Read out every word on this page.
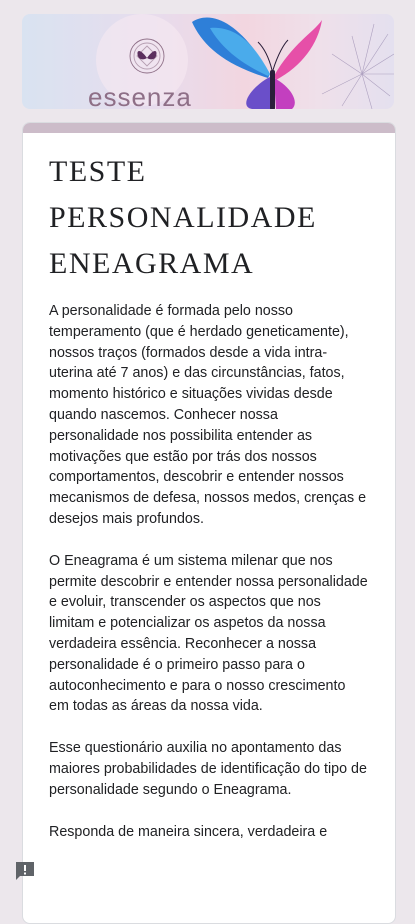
essenza
TESTE PERSONALIDADE ENEAGRAMA

A personalidade é formada pelo nosso temperamento (que é herdado geneticamente), nossos traços (formados desde a vida intra-uterina até 7 anos) e das circunstâncias, fatos, momento histórico e situações vividas desde quando nascemos. Conhecer nossa personalidade nos possibilita entender as motivações que estão por trás dos nossos comportamentos, descobrir e entender nossos mecanismos de defesa, nossos medos, crenças e desejos mais profundos.

O Eneagrama é um sistema milenar que nos permite descobrir e entender nossa personalidade e evoluir, transcender os aspectos que nos limitam e potencializar os aspetos da nossa verdadeira essência. Reconhecer a nossa personalidade é o primeiro passo para o autoconhecimento e para o nosso crescimento em todas as áreas da nossa vida.

Esse questionário auxilia no apontamento das maiores probabilidades de identificação do tipo de personalidade segundo o Eneagrama.

Responda de maneira sincera, verdadeira e
